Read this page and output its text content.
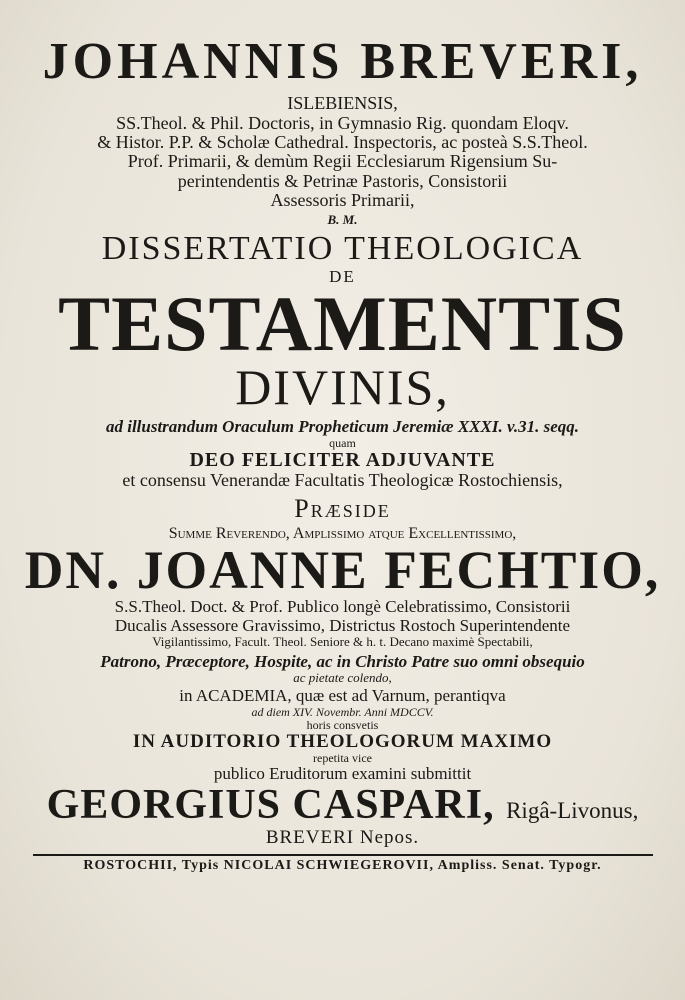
JOHANNIS BREVERI,
ISLEBIENSIS,
SS.Theol. & Phil. Doctoris, in Gymnasio Rig. quondam Eloqv.
& Histor. P.P. & Scholæ Cathedral. Inspectoris, ac posteà S.S.Theol.
Prof. Primarii, & demùm Regii Ecclesiarum Rigensium Su-
perintendentis & Petrinæ Pastoris, Consistorii
Assessoris Primarii,
B. M.
DISSERTATIO THEOLOGICA
DE
TESTAMENTIS
DIVINIS,
ad illustrandum Oraculum Propheticum Jeremiæ XXXI. v.31. seqq.
quam
DEO FELICITER ADJUVANTE
et consensu Venerandæ Facultatis Theologicæ Rostochiensis,
Præside
Summe Reverendo, Amplissimo atque Excellentissimo,
DN. JOANNE FECHTIO,
S.S.Theol. Doct. & Prof. Publico longè Celebratissimo, Consistorii
Ducalis Assessore Gravissimo, Districtus Rostoch Superintendente
Vigilantissimo, Facult. Theol. Seniore & h. t. Decano maximè Spectabili,
Patrono, Præceptore, Hospite, ac in Christo Patre suo omni obsequio
ac pietate colendo,
in ACADEMIA, quæ est ad Varnum, perantiqva
ad diem XIV. Novembr. Anni MDCCV.
horis consvetis
IN AUDITORIO THEOLOGORUM MAXIMO
repetita vice
publico Eruditorum examini submittit
GEORGIUS CASPARI, Rigâ-Livonus,
BREVERI Nepos.
ROSTOCHII, Typis NICOLAI SCHWIEGEROVII, Ampliss. Senat. Typogr.
